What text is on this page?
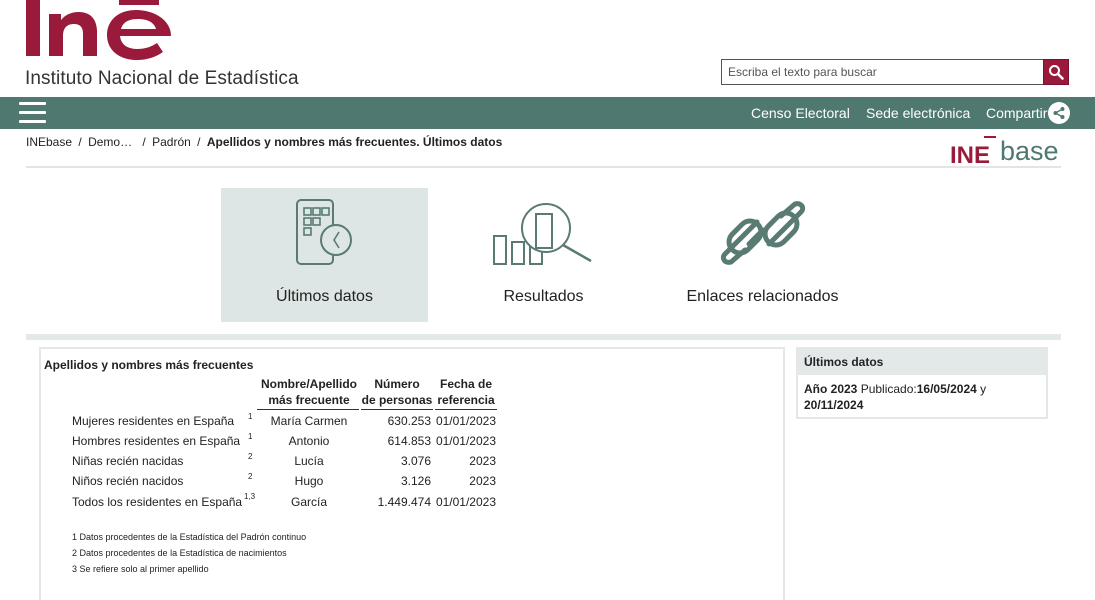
Instituto Nacional de Estadística
Escriba el texto para buscar
Censo Electoral Sede electrónica Compartir
INEbase / Demo… / Padrón / Apellidos y nombres más frecuentes. Últimos datos	INE base
Últimos datos	Resultados	Enlaces relacionados
Apellidos y nombres más frecuentes
Nombre/Apellido
más frecuente
Número
de personas
Fecha de
referencia
Mujeres residentes en España 1	María Carmen	630.253 01/01/2023
Hombres residentes en España 1	Antonio	614.853 01/01/2023
Niñas recién nacidas	2	Lucía	3.076	2023
Niños recién nacidos	2	Hugo	3.126	2023
Todos los residentes en España 1,3	García	1.449.474 01/01/2023
1 Datos procedentes de la Estadística del Padrón continuo
2 Datos procedentes de la Estadística de nacimientos
3 Se refiere solo al primer apellido
Últimos datos
Año 2023 Publicado:16/05/2024 y 20/11/2024
